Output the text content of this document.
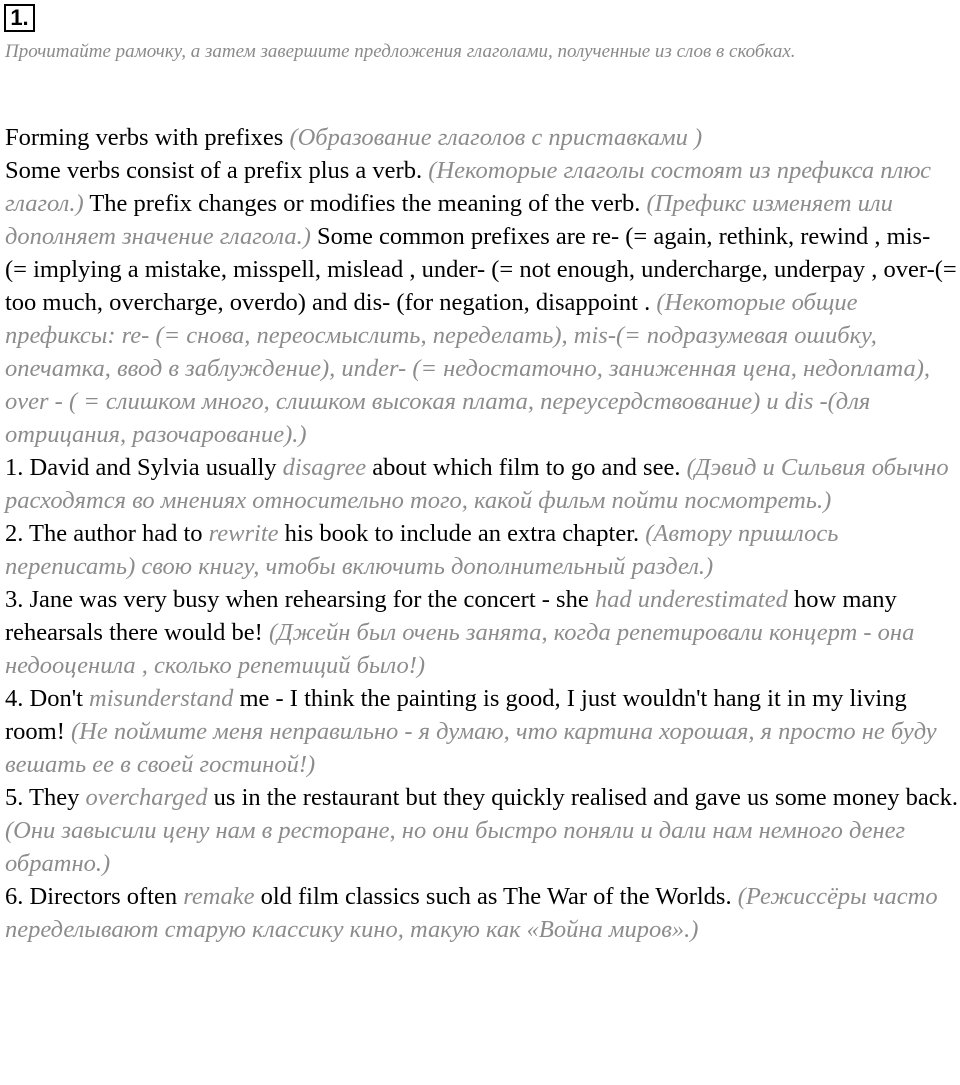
1.

Прочитайте рамочку, а затем завершите предложения глаголами, полученные из слов в скобках.

Forming verbs with prefixes (Образование глаголов с приставками )
Some verbs consist of a prefix plus a verb. (Некоторые глаголы состоят из префикса плюс глагол.) The prefix changes or modifies the meaning of the verb. (Префикс изменяет или дополняет значение глагола.) Some common prefixes are re- (= again, rethink, rewind , mis- (= implying a mistake, misspell, mislead , under- (= not enough, undercharge, underpay , over-(= too much, overcharge, overdo) and dis- (for negation, disappoint . (Некоторые общие префиксы: re- (= снова, переосмыслить, переделать), mis-(= подразумевая ошибку, опечатка, ввод в заблуждение), under- (= недостаточно, заниженная цена, недоплата), over - ( = слишком много, слишком высокая плата, переусердствование) и dis -(для отрицания, разочарование).)

1. David and Sylvia usually disagree about which film to go and see. (Дэвид и Сильвия обычно расходятся во мнениях относительно того, какой фильм пойти посмотреть.)

2. The author had to rewrite his book to include an extra chapter. (Автору пришлось переписать) свою книгу, чтобы включить дополнительный раздел.)

3. Jane was very busy when rehearsing for the concert - she had underestimated how many rehearsals there would be! (Джейн был очень занята, когда репетировали концерт - она недооценила , сколько репетиций было!)

4. Don't misunderstand me - I think the painting is good, I just wouldn't hang it in my living room! (Не поймите меня неправильно - я думаю, что картина хорошая, я просто не буду вешать ее в своей гостиной!)

5. They overcharged us in the restaurant but they quickly realised and gave us some money back. (Они завысили цену нам в ресторане, но они быстро поняли и дали нам немного денег обратно.)

6. Directors often remake old film classics such as The War of the Worlds. (Режиссёры часто переделывают старую классику кино, такую как «Война миров».)
